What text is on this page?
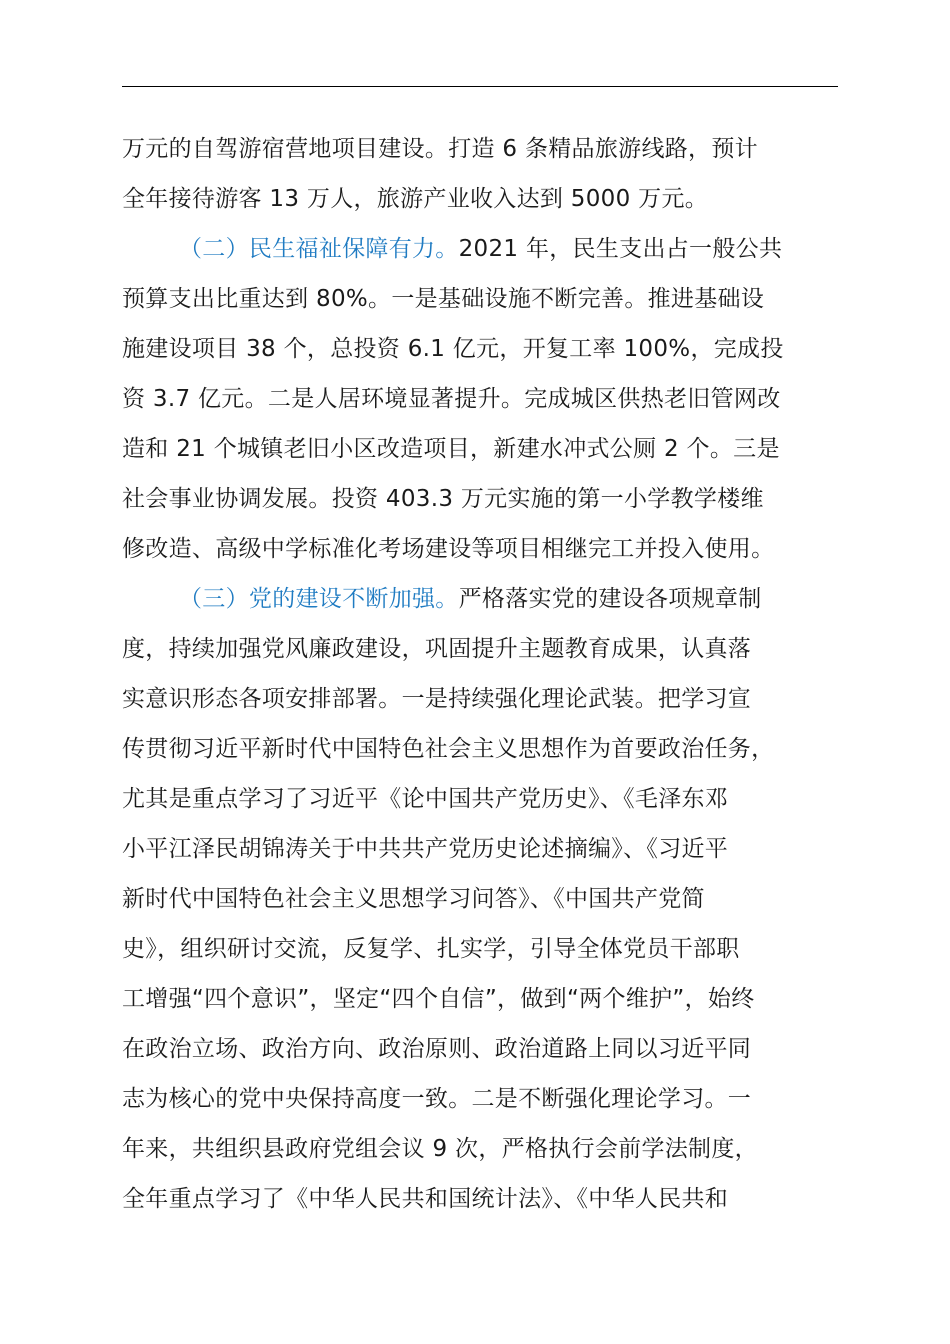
万元的自驾游宿营地项目建设。打造 6 条精品旅游线路，预计
全年接待游客 13 万人，旅游产业收入达到 5000 万元。
（二）民生福祉保障有力。2021 年，民生支出占一般公共
预算支出比重达到 80%。一是基础设施不断完善。推进基础设
施建设项目 38 个，总投资 6.1 亿元，开复工率 100%，完成投
资 3.7 亿元。二是人居环境显著提升。完成城区供热老旧管网改
造和 21 个城镇老旧小区改造项目，新建水冲式公厕 2 个。三是
社会事业协调发展。投资 403.3 万元实施的第一小学教学楼维
修改造、高级中学标准化考场建设等项目相继完工并投入使用。
（三）党的建设不断加强。严格落实党的建设各项规章制
度，持续加强党风廉政建设，巩固提升主题教育成果，认真落
实意识形态各项安排部署。一是持续强化理论武装。把学习宣
传贯彻习近平新时代中国特色社会主义思想作为首要政治任务，
尤其是重点学习了习近平《论中国共产党历史》、《毛泽东邓
小平江泽民胡锦涛关于中共共产党历史论述摘编》、《习近平
新时代中国特色社会主义思想学习问答》、《中国共产党简
史》，组织研讨交流，反复学、扎实学，引导全体党员干部职
工增强“四个意识”，坚定“四个自信”，做到“两个维护”，始终
在政治立场、政治方向、政治原则、政治道路上同以习近平同
志为核心的党中央保持高度一致。二是不断强化理论学习。一
年来，共组织县政府党组会议 9 次，严格执行会前学法制度，
全年重点学习了《中华人民共和国统计法》、《中华人民共和
